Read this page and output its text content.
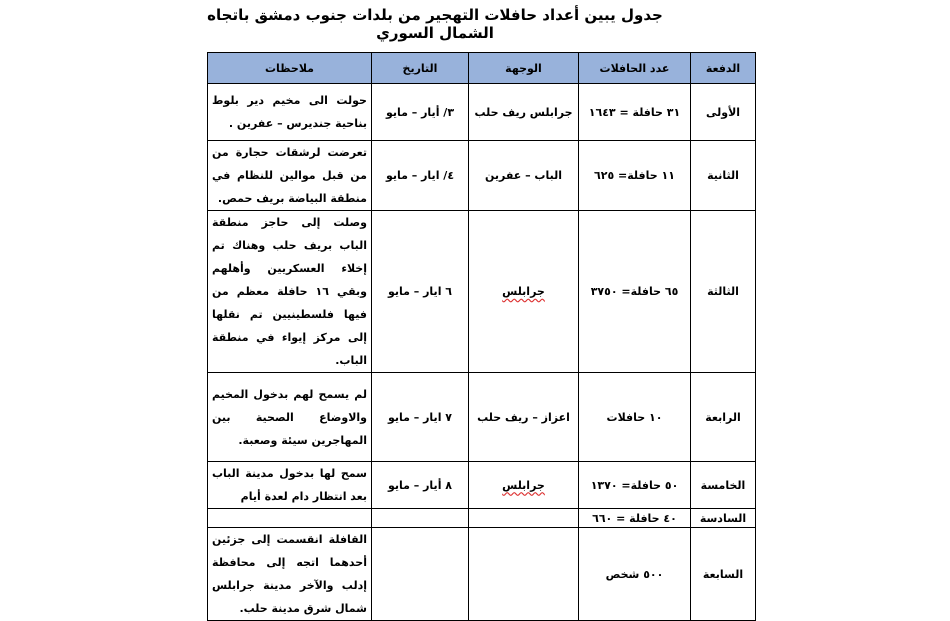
جدول يبين أعداد حافلات التهجير من بلدات جنوب دمشق باتجاه الشمال السوري
الدفعة	عدد الحافلات	الوجهة	التاريخ	ملاحظات
الأولى	٣١ حافلة = ١٦٤٣	جرابلس ريف حلب	٣/ أيار – مايو	حولت الى مخيم دير بلوط بناحية جنديرس – عفرين .
الثانية	١١ حافلة= ٦٢٥	الباب – عفرين	٤/ ايار – مايو	تعرضت لرشقات حجارة من من قبل موالين للنظام في منطقة البياضة بريف حمص.
الثالثة	٦٥ حافلة= ٣٧٥٠	جرابلس	٦ ايار – مايو	وصلت إلى حاجز منطقة الباب بريف حلب وهناك تم إخلاء العسكريين وأهلهم وبقي ١٦ حافلة معظم من فيها فلسطينيين تم نقلها إلى مركز إيواء في منطقة الباب.
الرابعة	١٠ حافلات	اعزاز – ريف حلب	٧ ايار – مايو	لم يسمح لهم بدخول المخيم والاوضاع الصحية بين المهاجرين سيئة وصعبة.
الخامسة	٥٠ حافلة= ١٣٧٠	جرابلس	٨ أيار – مايو	سمح لها بدخول مدينة الباب بعد انتظار دام لعدة أيام
السادسة	٤٠ حافلة = ٦٦٠			
السابعة	٥٠٠ شخص			القافلة انقسمت إلى جزئين أحدهما اتجه إلى محافظة إدلب والآخر مدينة جرابلس شمال شرق مدينة حلب.
